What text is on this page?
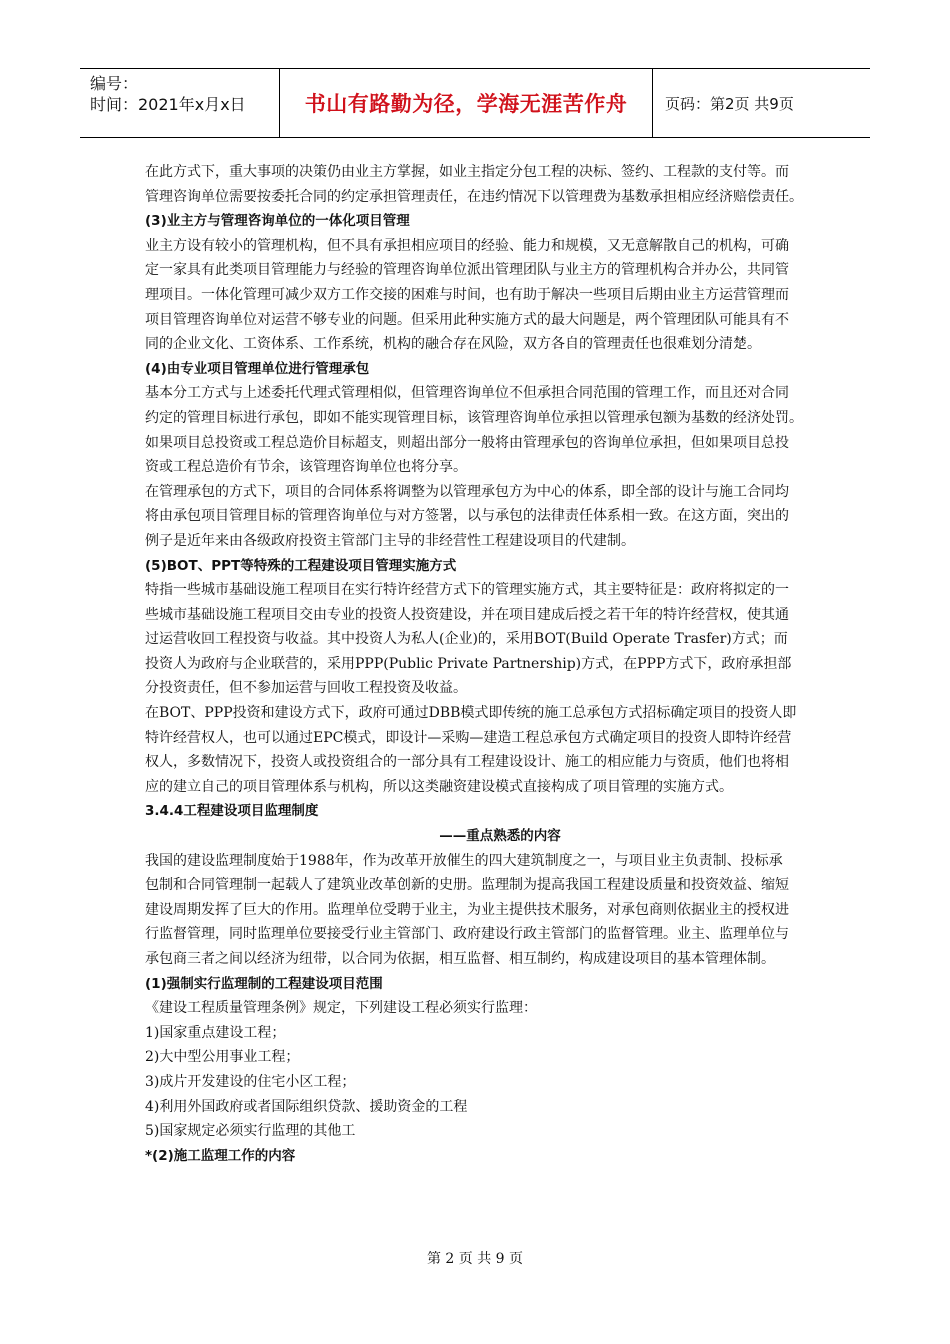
编号：
时间：2021年x月x日	书山有路勤为径，学海无涯苦作舟	页码：第2页 共9页
在此方式下，重大事项的决策仍由业主方掌握，如业主指定分包工程的决标、签约、工程款的支付等。而
管理咨询单位需要按委托合同的约定承担管理责任，在违约情况下以管理费为基数承担相应经济赔偿责任。
(3)业主方与管理咨询单位的一体化项目管理
业主方设有较小的管理机构，但不具有承担相应项目的经验、能力和规模，又无意解散自己的机构，可确
定一家具有此类项目管理能力与经验的管理咨询单位派出管理团队与业主方的管理机构合并办公，共同管
理项目。一体化管理可减少双方工作交接的困难与时间，也有助于解决一些项目后期由业主方运营管理而
项目管理咨询单位对运营不够专业的问题。但采用此种实施方式的最大问题是，两个管理团队可能具有不
同的企业文化、工资体系、工作系统，机构的融合存在风险，双方各自的管理责任也很难划分清楚。
(4)由专业项目管理单位进行管理承包
基本分工方式与上述委托代理式管理相似，但管理咨询单位不但承担合同范围的管理工作，而且还对合同
约定的管理目标进行承包，即如不能实现管理目标，该管理咨询单位承担以管理承包额为基数的经济处罚。
如果项目总投资或工程总造价目标超支，则超出部分一般将由管理承包的咨询单位承担，但如果项目总投
资或工程总造价有节余，该管理咨询单位也将分享。
在管理承包的方式下，项目的合同体系将调整为以管理承包方为中心的体系，即全部的设计与施工合同均
将由承包项目管理目标的管理咨询单位与对方签署，以与承包的法律责任体系相一致。在这方面，突出的
例子是近年来由各级政府投资主管部门主导的非经营性工程建设项目的代建制。
(5)BOT、PPT等特殊的工程建设项目管理实施方式
特指一些城市基础设施工程项目在实行特许经营方式下的管理实施方式，其主要特征是：政府将拟定的一
些城市基础设施工程项目交由专业的投资人投资建设，并在项目建成后授之若干年的特许经营权，使其通
过运营收回工程投资与收益。其中投资人为私人(企业)的，采用BOT(Build Operate Trasfer)方式；而
投资人为政府与企业联营的，采用PPP(Public Private Partnership)方式，在PPP方式下，政府承担部
分投资责任，但不参加运营与回收工程投资及收益。
在BOT、PPP投资和建设方式下，政府可通过DBB模式即传统的施工总承包方式招标确定项目的投资人即
特许经营权人，也可以通过EPC模式，即设计—采购—建造工程总承包方式确定项目的投资人即特许经营
权人，多数情况下，投资人或投资组合的一部分具有工程建设设计、施工的相应能力与资质，他们也将相
应的建立自己的项目管理体系与机构，所以这类融资建设模式直接构成了项目管理的实施方式。
3.4.4工程建设项目监理制度
——重点熟悉的内容
我国的建设监理制度始于1988年，作为改革开放催生的四大建筑制度之一，与项目业主负责制、投标承
包制和合同管理制一起载人了建筑业改革创新的史册。监理制为提高我国工程建设质量和投资效益、缩短
建设周期发挥了巨大的作用。监理单位受聘于业主，为业主提供技术服务，对承包商则依据业主的授权进
行监督管理，同时监理单位要接受行业主管部门、政府建设行政主管部门的监督管理。业主、监理单位与
承包商三者之间以经济为纽带，以合同为依据，相互监督、相互制约，构成建设项目的基本管理体制。
(1)强制实行监理制的工程建设项目范围
《建设工程质量管理条例》规定，下列建设工程必须实行监理：
1)国家重点建设工程；
2)大中型公用事业工程；
3)成片开发建设的住宅小区工程；
4)利用外国政府或者国际组织贷款、援助资金的工程
5)国家规定必须实行监理的其他工
*(2)施工监理工作的内容
第 2 页 共 9 页
